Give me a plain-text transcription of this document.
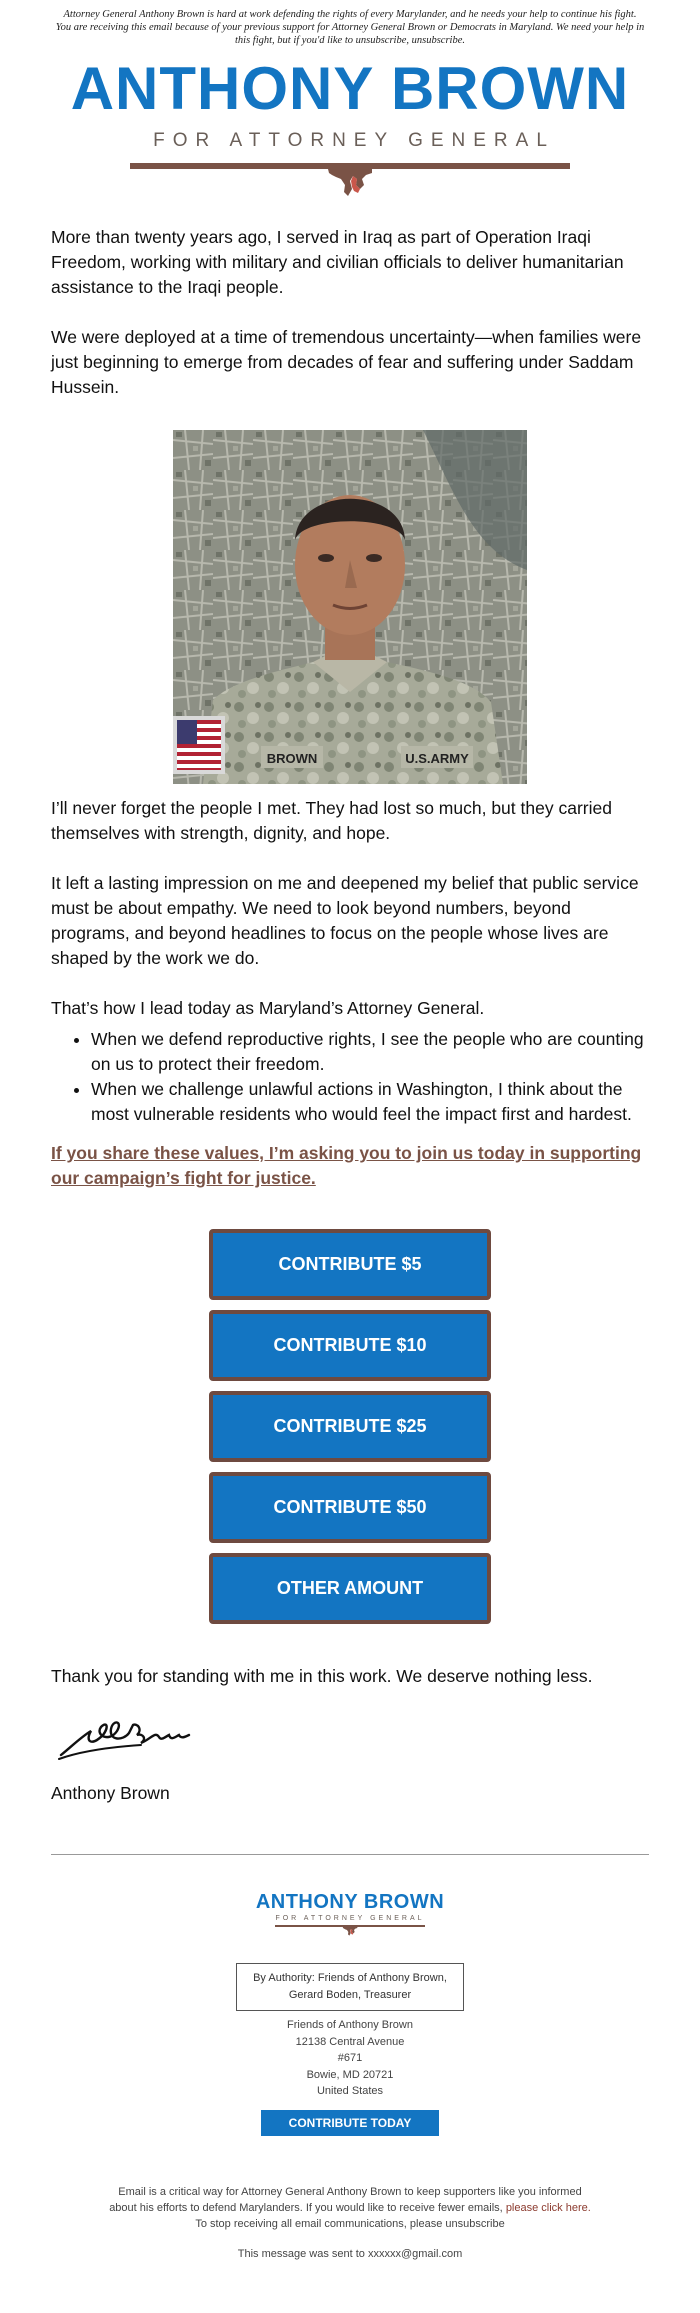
Attorney General Anthony Brown is hard at work defending the rights of every Marylander, and he needs your help to continue his fight. You are receiving this email because of your previous support for Attorney General Brown or Democrats in Maryland. We need your help in this fight, but if you'd like to unsubscribe, unsubscribe.
ANTHONY BROWN
FOR ATTORNEY GENERAL

More than twenty years ago, I served in Iraq as part of Operation Iraqi Freedom, working with military and civilian officials to deliver humanitarian assistance to the Iraqi people.

We were deployed at a time of tremendous uncertainty—when families were just beginning to emerge from decades of fear and suffering under Saddam Hussein.

BROWN	U.S.ARMY

I’ll never forget the people I met. They had lost so much, but they carried themselves with strength, dignity, and hope.

It left a lasting impression on me and deepened my belief that public service must be about empathy. We need to look beyond numbers, beyond programs, and beyond headlines to focus on the people whose lives are shaped by the work we do.

That’s how I lead today as Maryland’s Attorney General.

• When we defend reproductive rights, I see the people who are counting on us to protect their freedom.
• When we challenge unlawful actions in Washington, I think about the most vulnerable residents who would feel the impact first and hardest.
If you share these values, I’m asking you to join us today in supporting our campaign’s fight for justice.
CONTRIBUTE $5
CONTRIBUTE $10
CONTRIBUTE $25
CONTRIBUTE $50
OTHER AMOUNT

Thank you for standing with me in this work. We deserve nothing less.

Anthony Brown

ANTHONY BROWN
FOR ATTORNEY GENERAL
By Authority: Friends of Anthony Brown,
Gerard Boden, Treasurer
Friends of Anthony Brown
12138 Central Avenue
#671
Bowie, MD 20721
United States
CONTRIBUTE TODAY
Email is a critical way for Attorney General Anthony Brown to keep supporters like you informed
about his efforts to defend Marylanders. If you would like to receive fewer emails, please click here.
To stop receiving all email communications, please unsubscribe
This message was sent to xxxxxx@gmail.com
